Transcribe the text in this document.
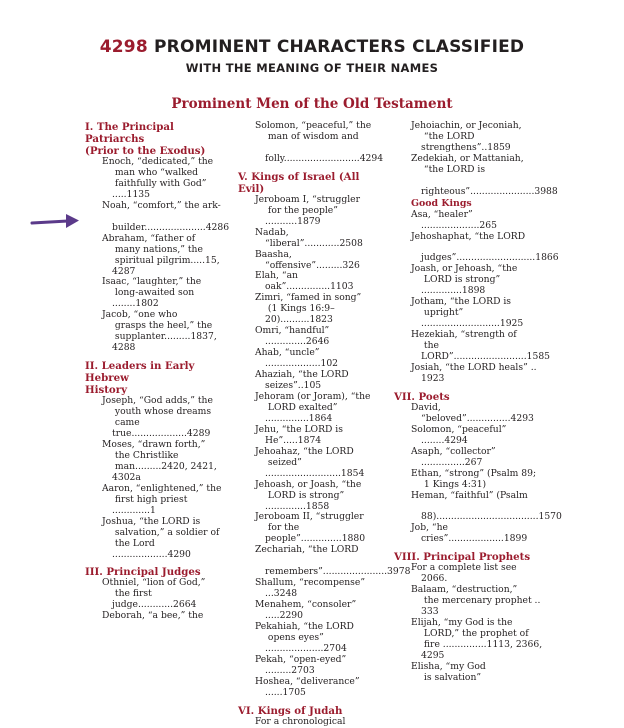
4298 PROMINENT CHARACTERS CLASSIFIED
WITH THE MEANING OF THEIR NAMES
Prominent Men of the Old Testament
I. The Principal Patriarchs
(Prior to the Exodus)
Enoch, “dedicated,” the
man who “walked
faithfully with God” .....1135
Noah, “comfort,” the ark-
builder.....................4286
Abraham, “father of
many nations,” the
spiritual pilgrim.....15, 4287
Isaac, “laughter,” the
long-awaited son ........1802
Jacob, “one who
grasps the heel,” the
supplanter.........1837, 4288
II. Leaders in Early Hebrew
History
Joseph, “God adds,” the
youth whose dreams
came true...................4289
Moses, “drawn forth,”
the Christlike
man.........2420, 2421, 4302a
Aaron, “enlightened,” the
first high priest .............1
Joshua, “the LORD is
salvation,” a soldier of
the Lord ...................4290
III. Principal Judges
Othniel, “lion of God,”
the first judge............2664
Deborah, “a bee,” the
Solomon, “peaceful,” the
man of wisdom and
folly..........................4294
V. Kings of Israel (All Evil)
Jeroboam I, “struggler
for the people” ...........1879
Nadab, “liberal”............2508
Baasha, “offensive”.........326
Elah, “an oak”...............1103
Zimri, “famed in song”
(1 Kings 16:9–20)..........1823
Omri, “handful” ..............2646
Ahab, “uncle” ...................102
Ahaziah, “the LORD seizes”..105
Jehoram (or Joram), “the
LORD exalted” ...............1864
Jehu, “the LORD is He”.....1874
Jehoahaz, “the LORD
seized” ..........................1854
Jehoash, or Joash, “the
LORD is strong” ..............1858
Jeroboam II, “struggler
for the people”..............1880
Zechariah, “the LORD
remembers”......................3978
Shallum, “recompense” ...3248
Menahem, “consoler” .....2290
Pekahiah, “the LORD
opens eyes” ....................2704
Pekah, “open-eyed” .........2703
Hoshea, “deliverance” ......1705
VI. Kings of Judah
For a chronological
Jehoiachin, or Jeconiah,
“the LORD strengthens”..1859
Zedekiah, or Mattaniah,
“the LORD is
righteous”......................3988
Good Kings
Asa, “healer” ....................265
Jehoshaphat, “the LORD
judges”...........................1866
Joash, or Jehoash, “the
LORD is strong” ..............1898
Jotham, “the LORD is
upright” ...........................1925
Hezekiah, “strength of
the LORD”.........................1585
Josiah, “the LORD heals” .. 1923
VII. Poets
David, “beloved”...............4293
Solomon, “peaceful” ........4294
Asaph, “collector” ...............267
Ethan, “strong” (Psalm 89;
1 Kings 4:31)
Heman, “faithful” (Psalm
88)...................................1570
Job, “he cries”...................1899
VIII. Principal Prophets
For a complete list see 2066.
Balaam, “destruction,”
the mercenary prophet .. 333
Elijah, “my God is the
LORD,” the prophet of
fire ...............1113, 2366, 4295
Elisha, “my God
is salvation”
